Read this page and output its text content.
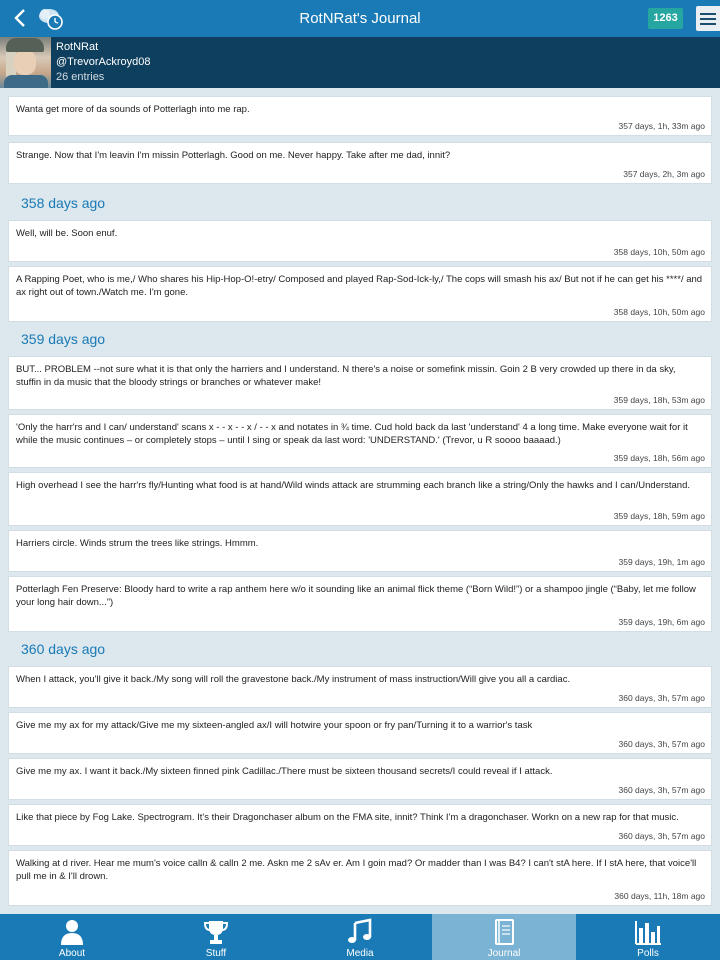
RotNRat's Journal	1263
RotNRat
@TrevorAckroyd08
26 entries
Wanta get more of da sounds of Potterlagh into me rap.
357 days, 1h, 33m ago
Strange. Now that I'm leavin I'm missin Potterlagh. Good on me. Never happy. Take after me dad, innit?
357 days, 2h, 3m ago
358 days ago
Well, will be. Soon enuf.
358 days, 10h, 50m ago
A Rapping Poet, who is me,/ Who shares his Hip-Hop-O!-etry/ Composed and played Rap-Sod-Ick-ly,/ The cops will smash his ax/ But not if he can get his ****/ and ax right out of town./Watch me. I'm gone.
358 days, 10h, 50m ago
359 days ago
BUT... PROBLEM --not sure what it is that only the harriers and I understand. N there's a noise or somefink missin. Goin 2 B very crowded up there in da sky, stuffin in da music that the bloody strings or branches or whatever make!
359 days, 18h, 53m ago
'Only the harr'rs and I can/ understand' scans x - - x - - x / - - x and notates in ¾ time. Cud hold back da last 'understand' 4 a long time. Make everyone wait for it while the music continues – or completely stops – until I sing or speak da last word: 'UNDERSTAND.' (Trevor, u R soooo baaaad.)
359 days, 18h, 56m ago
High overhead I see the harr'rs fly/Hunting what food is at hand/Wild winds attack are strumming each branch like a string/Only the hawks and I can/Understand.
359 days, 18h, 59m ago
Harriers circle. Winds strum the trees like strings. Hmmm.
359 days, 19h, 1m ago
Potterlagh Fen Preserve: Bloody hard to write a rap anthem here w/o it sounding like an animal flick theme (“Born Wild!”) or a shampoo jingle (“Baby, let me follow your long hair down...”)
359 days, 19h, 6m ago
360 days ago
When I attack, you'll give it back./My song will roll the gravestone back./My instrument of mass instruction/Will give you all a cardiac.
360 days, 3h, 57m ago
Give me my ax for my attack/Give me my sixteen-angled ax/I will hotwire your spoon or fry pan/Turning it to a warrior's task
360 days, 3h, 57m ago
Give me my ax. I want it back./My sixteen finned pink Cadillac./There must be sixteen thousand secrets/I could reveal if I attack.
360 days, 3h, 57m ago
Like that piece by Fog Lake. Spectrogram. It's their Dragonchaser album on the FMA site, innit? Think I'm a dragonchaser. Workn on a new rap for that music.
360 days, 3h, 57m ago
Walking at d river. Hear me mum's voice calln & calln 2 me. Askn me 2 sAv er. Am I goin mad? Or madder than I was B4? I can't stA here. If I stA here, that voice'll pull me in & I'll drown.
360 days, 11h, 18m ago
About	Stuff	Media	Journal	Polls
